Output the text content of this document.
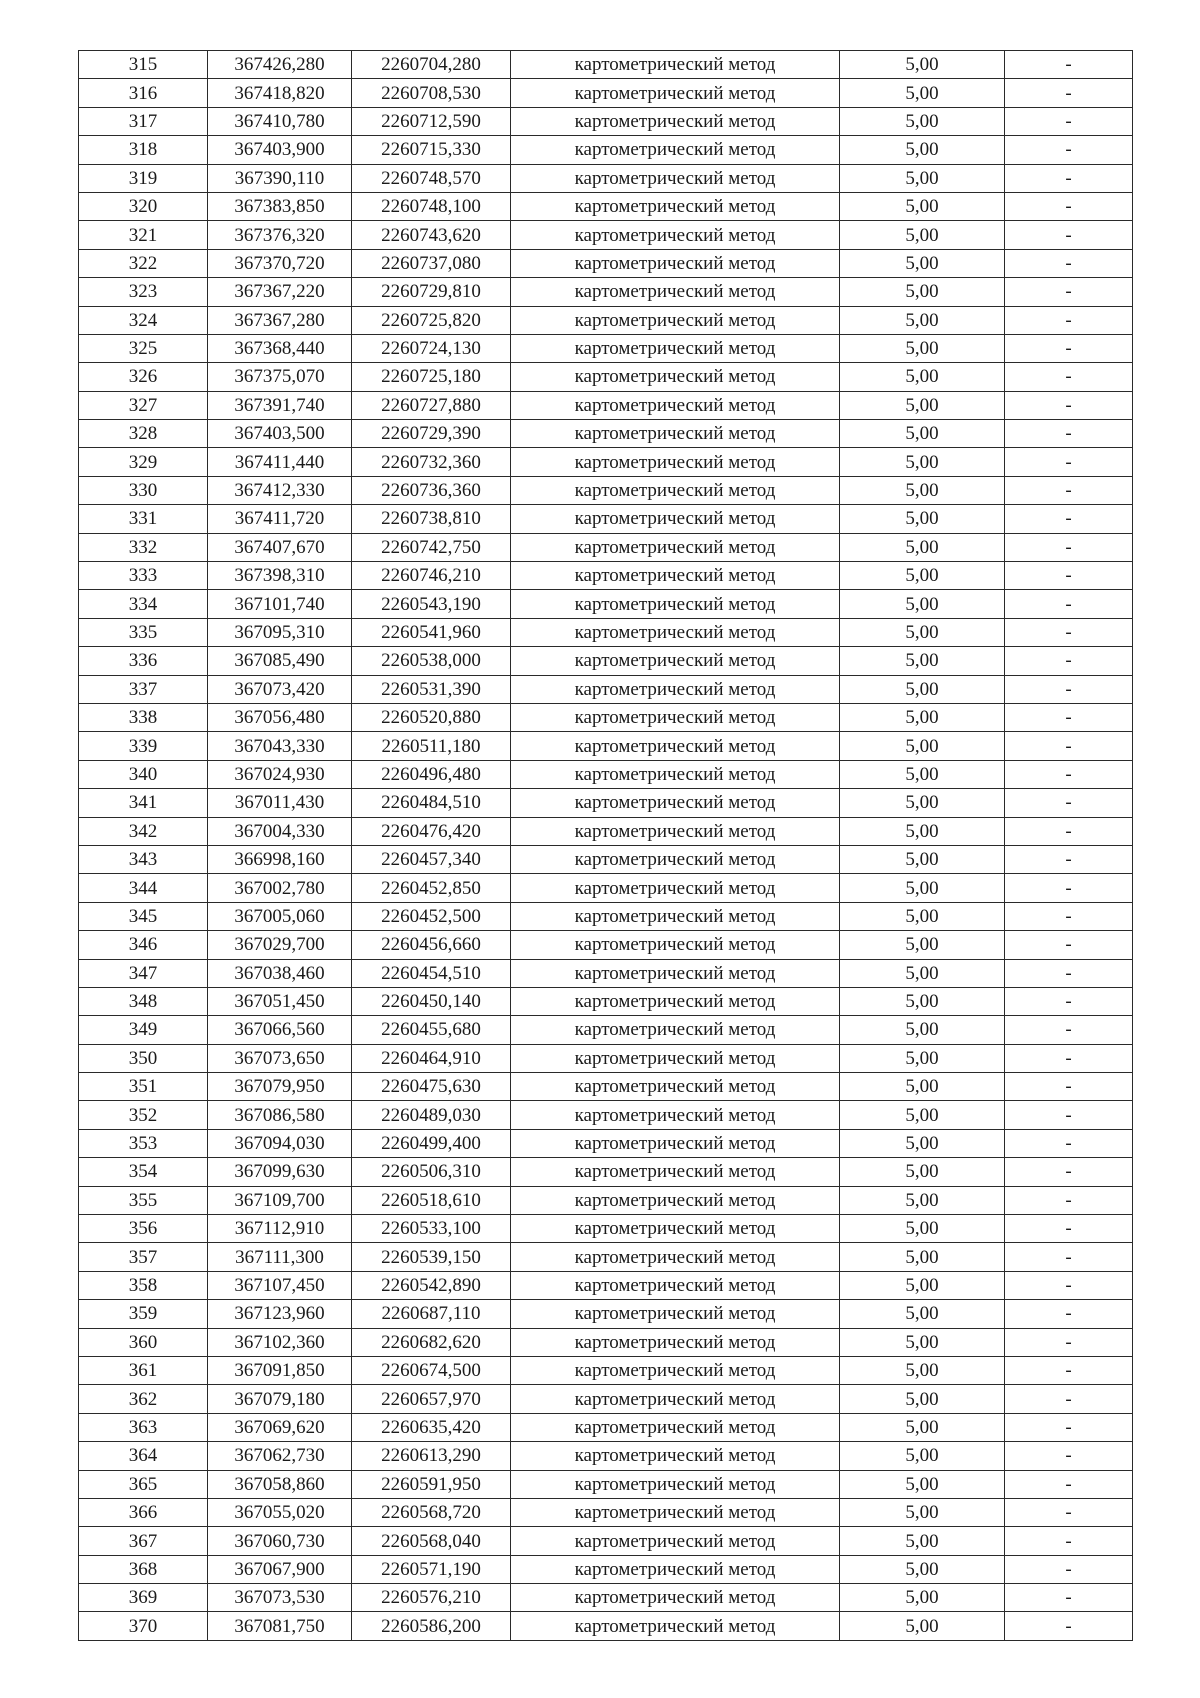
315	367426,280	2260704,280	картометрический метод	5,00	-
316	367418,820	2260708,530	картометрический метод	5,00	-
317	367410,780	2260712,590	картометрический метод	5,00	-
318	367403,900	2260715,330	картометрический метод	5,00	-
319	367390,110	2260748,570	картометрический метод	5,00	-
320	367383,850	2260748,100	картометрический метод	5,00	-
321	367376,320	2260743,620	картометрический метод	5,00	-
322	367370,720	2260737,080	картометрический метод	5,00	-
323	367367,220	2260729,810	картометрический метод	5,00	-
324	367367,280	2260725,820	картометрический метод	5,00	-
325	367368,440	2260724,130	картометрический метод	5,00	-
326	367375,070	2260725,180	картометрический метод	5,00	-
327	367391,740	2260727,880	картометрический метод	5,00	-
328	367403,500	2260729,390	картометрический метод	5,00	-
329	367411,440	2260732,360	картометрический метод	5,00	-
330	367412,330	2260736,360	картометрический метод	5,00	-
331	367411,720	2260738,810	картометрический метод	5,00	-
332	367407,670	2260742,750	картометрический метод	5,00	-
333	367398,310	2260746,210	картометрический метод	5,00	-
334	367101,740	2260543,190	картометрический метод	5,00	-
335	367095,310	2260541,960	картометрический метод	5,00	-
336	367085,490	2260538,000	картометрический метод	5,00	-
337	367073,420	2260531,390	картометрический метод	5,00	-
338	367056,480	2260520,880	картометрический метод	5,00	-
339	367043,330	2260511,180	картометрический метод	5,00	-
340	367024,930	2260496,480	картометрический метод	5,00	-
341	367011,430	2260484,510	картометрический метод	5,00	-
342	367004,330	2260476,420	картометрический метод	5,00	-
343	366998,160	2260457,340	картометрический метод	5,00	-
344	367002,780	2260452,850	картометрический метод	5,00	-
345	367005,060	2260452,500	картометрический метод	5,00	-
346	367029,700	2260456,660	картометрический метод	5,00	-
347	367038,460	2260454,510	картометрический метод	5,00	-
348	367051,450	2260450,140	картометрический метод	5,00	-
349	367066,560	2260455,680	картометрический метод	5,00	-
350	367073,650	2260464,910	картометрический метод	5,00	-
351	367079,950	2260475,630	картометрический метод	5,00	-
352	367086,580	2260489,030	картометрический метод	5,00	-
353	367094,030	2260499,400	картометрический метод	5,00	-
354	367099,630	2260506,310	картометрический метод	5,00	-
355	367109,700	2260518,610	картометрический метод	5,00	-
356	367112,910	2260533,100	картометрический метод	5,00	-
357	367111,300	2260539,150	картометрический метод	5,00	-
358	367107,450	2260542,890	картометрический метод	5,00	-
359	367123,960	2260687,110	картометрический метод	5,00	-
360	367102,360	2260682,620	картометрический метод	5,00	-
361	367091,850	2260674,500	картометрический метод	5,00	-
362	367079,180	2260657,970	картометрический метод	5,00	-
363	367069,620	2260635,420	картометрический метод	5,00	-
364	367062,730	2260613,290	картометрический метод	5,00	-
365	367058,860	2260591,950	картометрический метод	5,00	-
366	367055,020	2260568,720	картометрический метод	5,00	-
367	367060,730	2260568,040	картометрический метод	5,00	-
368	367067,900	2260571,190	картометрический метод	5,00	-
369	367073,530	2260576,210	картометрический метод	5,00	-
370	367081,750	2260586,200	картометрический метод	5,00	-
